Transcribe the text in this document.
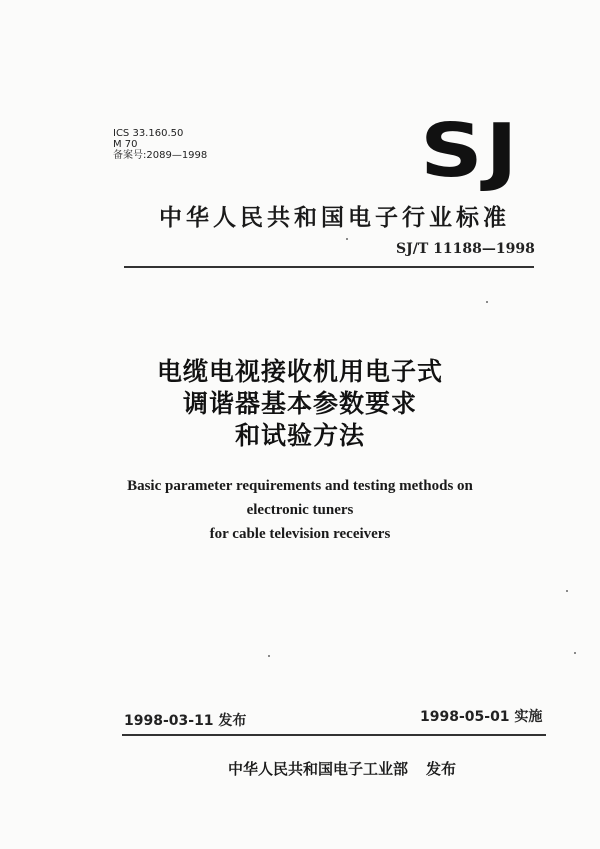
ICS 33.160.50
M 70
备案号:2089—1998	SJ
中华人民共和国电子行业标准
SJ/T 11188—1998
电缆电视接收机用电子式
调谐器基本参数要求
和试验方法
Basic parameter requirements and testing methods on
electronic tuners
for cable television receivers
1998-03-11 发布	1998-05-01 实施
中华人民共和国电子工业部 发布
